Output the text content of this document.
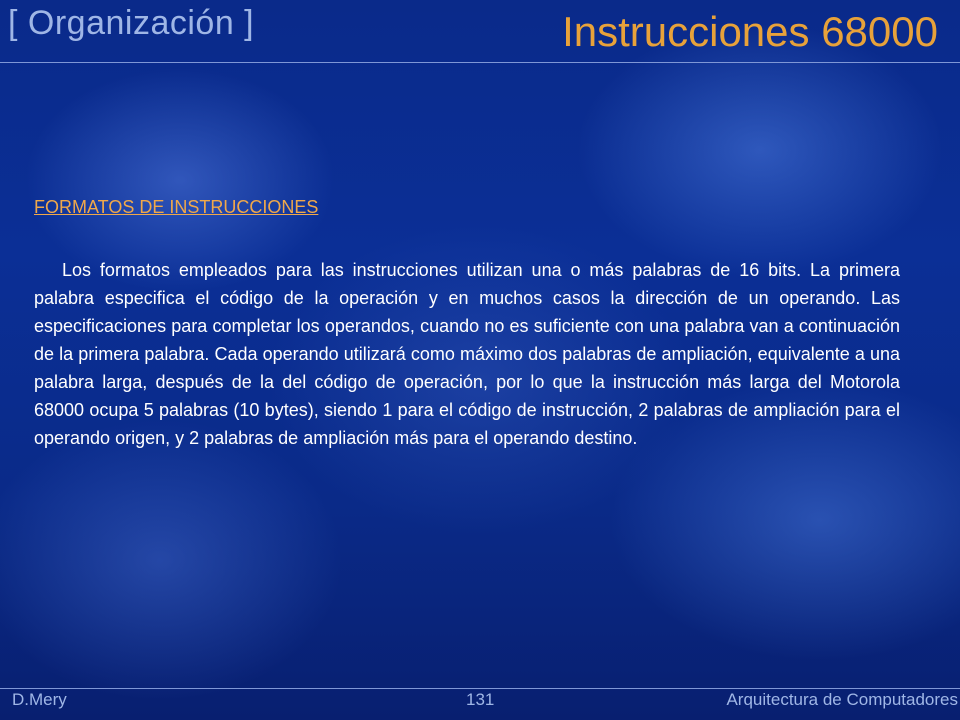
[ Organización ]	Instrucciones 68000
FORMATOS DE INSTRUCCIONES

Los formatos empleados para las instrucciones utilizan una o más palabras de 16 bits. La primera palabra especifica el código de la operación y en muchos casos la dirección de un operando. Las especificaciones para completar los operandos, cuando no es suficiente con una palabra van a continuación de la primera palabra. Cada operando utilizará como máximo dos palabras de ampliación, equivalente a una palabra larga, después de la del código de operación, por lo que la instrucción más larga del Motorola 68000 ocupa 5 palabras (10 bytes), siendo 1 para el código de instrucción, 2 palabras de ampliación para el operando origen, y 2 palabras de ampliación más para el operando destino.

D.Mery	131	Arquitectura de Computadores
